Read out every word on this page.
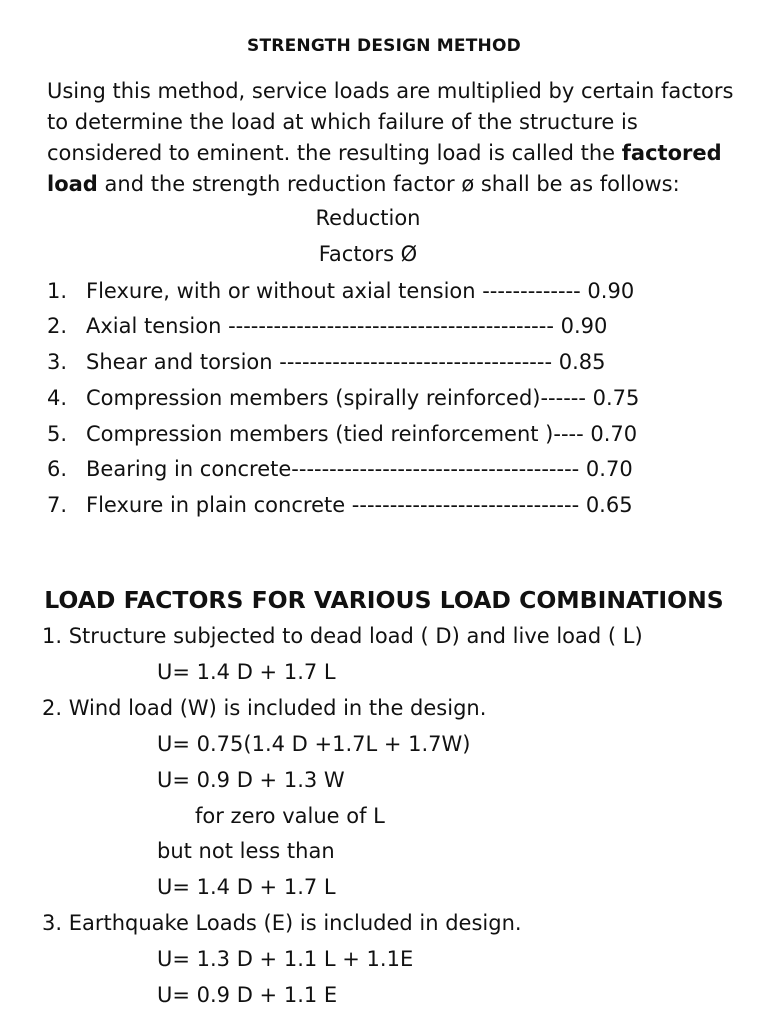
STRENGTH DESIGN METHOD
Using this method, service loads are multiplied by certain factors to determine the load at which failure of the structure is considered to eminent. the resulting load is called the factored load and the strength reduction factor ø shall be as follows:
Reduction
Factors Ø
1. Flexure, with or without axial tension ------------- 0.90
2. Axial tension ------------------------------------------- 0.90
3. Shear and torsion ------------------------------------ 0.85
4. Compression members (spirally reinforced)------ 0.75
5. Compression members (tied reinforcement )---- 0.70
6. Bearing in concrete-------------------------------------- 0.70
7. Flexure in plain concrete ------------------------------ 0.65
LOAD FACTORS FOR VARIOUS LOAD COMBINATIONS
1. Structure subjected to dead load ( D) and live load ( L)
U= 1.4 D + 1.7 L
2. Wind load (W) is included in the design.
U= 0.75(1.4 D +1.7L + 1.7W)
U= 0.9 D + 1.3 W
for zero value of L
but not less than
U= 1.4 D + 1.7 L
3. Earthquake Loads (E) is included in design.
U= 1.3 D + 1.1 L + 1.1E
U= 0.9 D + 1.1 E
